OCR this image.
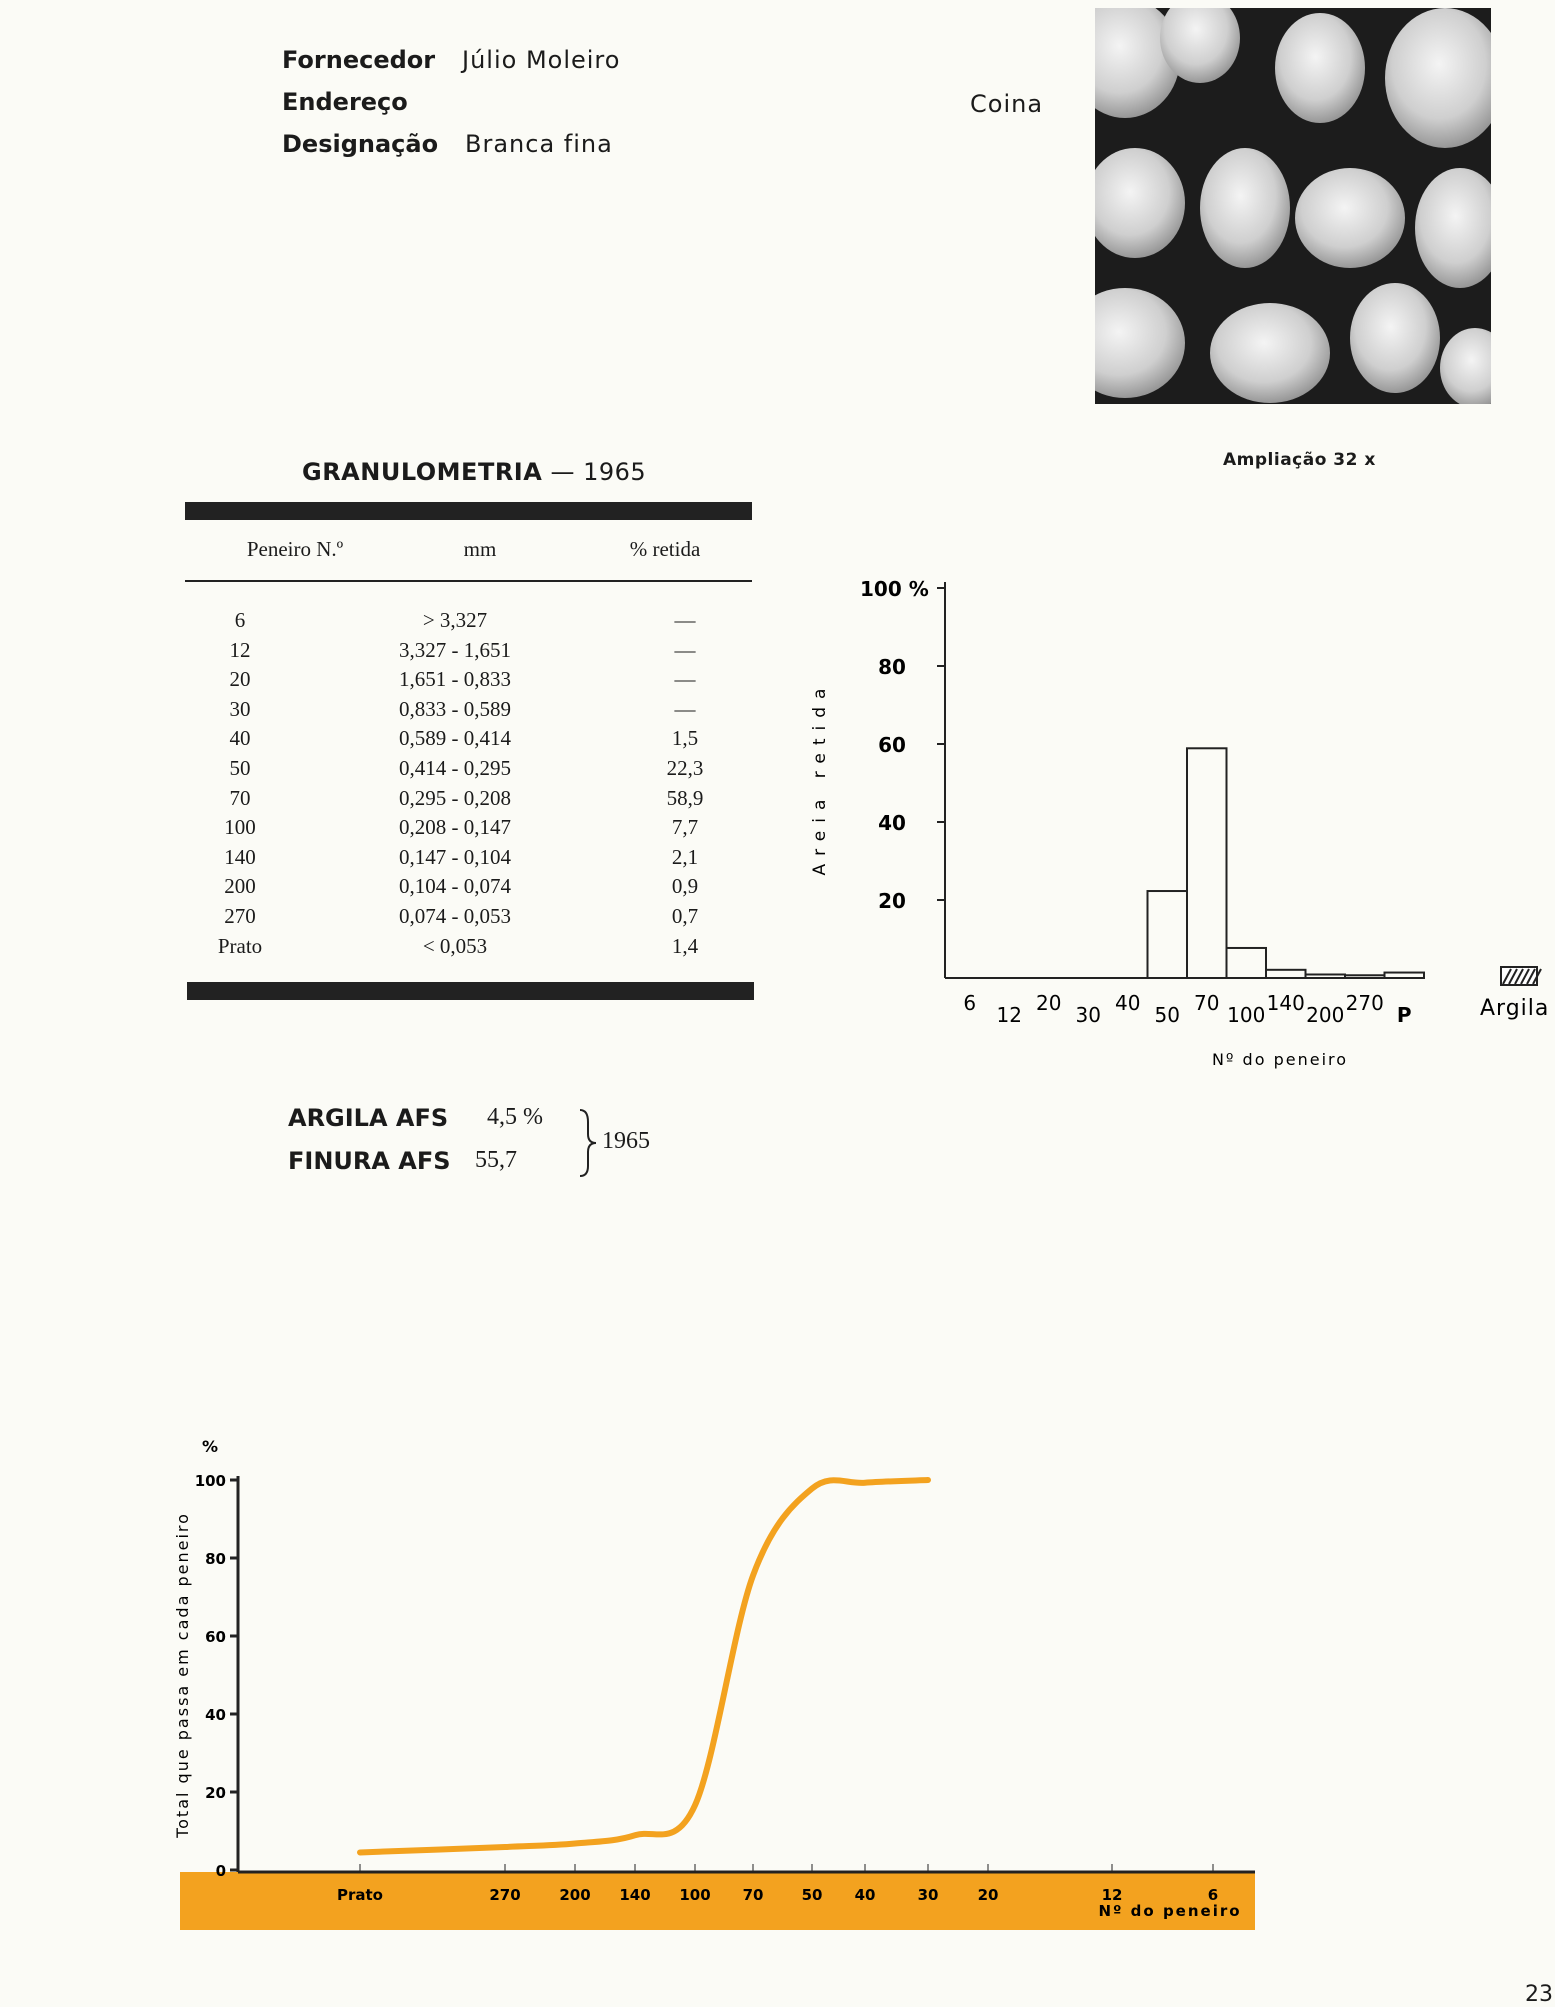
Fornecedor Júlio Moleiro
Endereço	Coina
Designação Branca fina
Ampliação 32 x
GRANULOMETRIA — 1965
Peneiro N.º	mm	% retida
6	> 3,327	—
12	3,327 - 1,651	—
20	1,651 - 0,833	—
30	0,833 - 0,589	—
40	0,589 - 0,414	1,5
50	0,414 - 0,295	22,3
70	0,295 - 0,208	58,9
100	0,208 - 0,147	7,7
140	0,147 - 0,104	2,1
200	0,104 - 0,074	0,9
270	0,074 - 0,053	0,7
Prato	< 0,053	1,4
ARGILA AFS 4,5 %
FINURA AFS 55,7
1965
100 %
20
40
60
80
6 12 20 30 40 50 70 100 140 200 270 P
Areia retida
Nº do peneiro
Argila
%
0
20
40
60
80
100
Prato	270	200 140 100 70	50 40	30	20	12	6
Total que passa em cada peneiro
Nº do peneiro
23
